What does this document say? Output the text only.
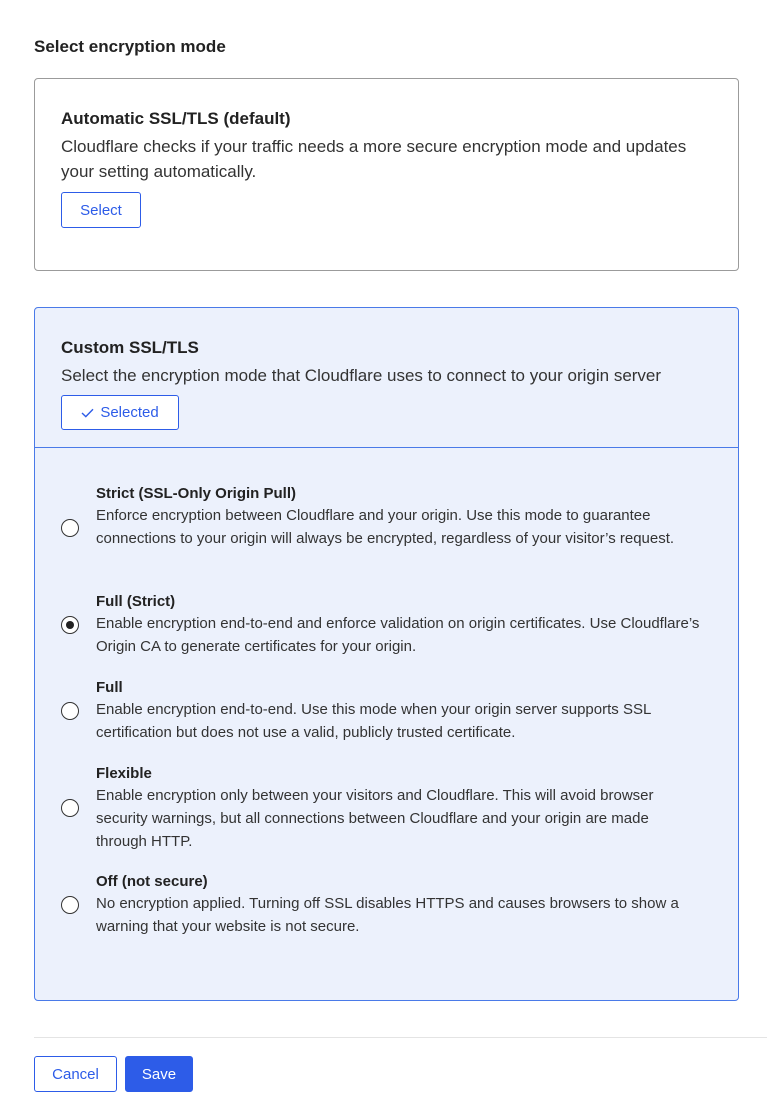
Select encryption mode
Automatic SSL/TLS (default)
Cloudflare checks if your traffic needs a more secure encryption mode and updates your setting automatically.
Select
Custom SSL/TLS
Select the encryption mode that Cloudflare uses to connect to your origin server
Selected
Strict (SSL-Only Origin Pull)
Enforce encryption between Cloudflare and your origin. Use this mode to guarantee connections to your origin will always be encrypted, regardless of your visitor’s request.
Full (Strict)
Enable encryption end-to-end and enforce validation on origin certificates. Use Cloudflare’s Origin CA to generate certificates for your origin.
Full
Enable encryption end-to-end. Use this mode when your origin server supports SSL certification but does not use a valid, publicly trusted certificate.
Flexible
Enable encryption only between your visitors and Cloudflare. This will avoid browser security warnings, but all connections between Cloudflare and your origin are made through HTTP.
Off (not secure)
No encryption applied. Turning off SSL disables HTTPS and causes browsers to show a warning that your website is not secure.
Cancel	Save
